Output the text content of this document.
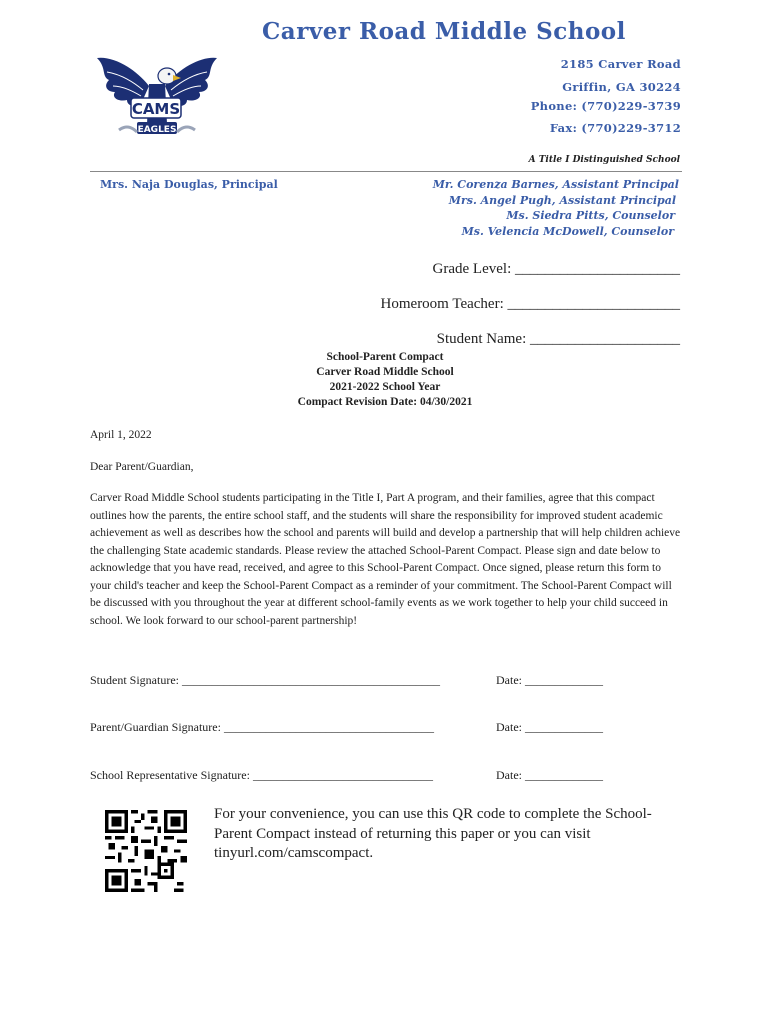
Carver Road Middle School
CAMS
EAGLES
2185 Carver Road
Griffin, GA 30224
Phone: (770)229-3739
Fax: (770)229-3712
A Title I Distinguished School
Mrs. Naja Douglas, Principal	Mr. Corenza Barnes, Assistant Principal
Mrs. Angel Pugh, Assistant Principal
Ms. Siedra Pitts, Counselor
Ms. Velencia McDowell, Counselor
Grade Level: ______________________
Homeroom Teacher: _______________________
Student Name: ____________________
School-Parent Compact
Carver Road Middle School
2021-2022 School Year
Compact Revision Date: 04/30/2021
April 1, 2022
Dear Parent/Guardian,
Carver Road Middle School students participating in the Title I, Part A program, and their families, agree that this compact outlines how the parents, the entire school staff, and the students will share the responsibility for improved student academic achievement as well as describes how the school and parents will build and develop a partnership that will help children achieve the challenging State academic standards. Please review the attached School-Parent Compact. Please sign and date below to acknowledge that you have read, received, and agree to this School-Parent Compact. Once signed, please return this form to your child's teacher and keep the School-Parent Compact as a reminder of your commitment. The School-Parent Compact will be discussed with you throughout the year at different school-family events as we work together to help your child succeed in school. We look forward to our school-parent partnership!
Student Signature: ___________________________________________	Date: _____________
Parent/Guardian Signature: ___________________________________	Date: _____________
School Representative Signature: ______________________________	Date: _____________
For your convenience, you can use this QR code to complete the School-Parent Compact instead of returning this paper or you can visit tinyurl.com/camscompact.
